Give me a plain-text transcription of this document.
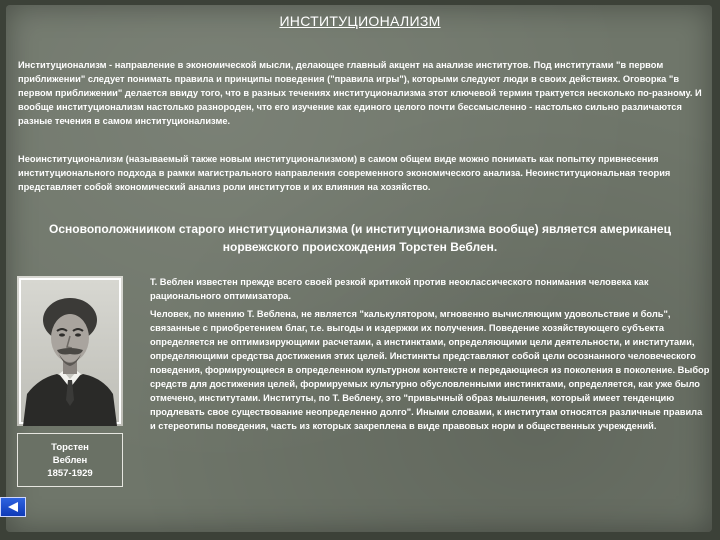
ИНСТИТУЦИОНАЛИЗМ

Институционализм - направление в экономической мысли, делающее главный акцент на анализе институтов. Под институтами "в первом приближении" следует понимать правила и принципы поведения ("правила игры"), которыми следуют люди в своих действиях. Оговорка "в первом приближении" делается ввиду того, что в разных течениях институционализма этот ключевой термин трактуется несколько по-разному. И вообще институционализм настолько разнороден, что его изучение как единого целого почти бессмысленно - настолько сильно различаются разные течения в самом институционализме.

Неоинституционализм (называемый также новым институционализмом) в самом общем виде можно понимать как попытку привнесения институционального подхода в рамки магистрального направления современного экономического анализа. Неоинституциональная теория представляет собой экономический анализ роли институтов и их влияния на хозяйство.

Основоположнииком старого институционализма (и институционализма вообще) является американец норвежского происхождения Торстен Веблен.

Торстен
Веблен
1857-1929

Т. Веблен известен прежде всего своей резкой критикой против неоклассического понимания человека как рационального оптимизатора.

Человек, по мнению Т. Веблена, не является "калькулятором, мгновенно вычисляющим удовольствие и боль", связанные с приобретением благ, т.е. выгоды и издержки их получения. Поведение хозяйствующего субъекта определяется не оптимизирующими расчетами, а инстинктами, определяющими цели деятельности, и институтами, определяющими средства достижения этих целей. Инстинкты представляют собой цели осознанного человеческого поведения, формирующиеся в определенном культурном контексте и передающиеся из поколения в поколение. Выбор средств для достижения целей, формируемых культурно обусловленными инстинктами, определяется, как уже было отмечено, институтами. Институты, по Т. Веблену, это "привычный образ мышления, который имеет тенденцию продлевать свое существование неопределенно долго". Иными словами, к институтам относятся различные правила и стереотипы поведения, часть из которых закреплена в виде правовых норм и общественных учреждений.
